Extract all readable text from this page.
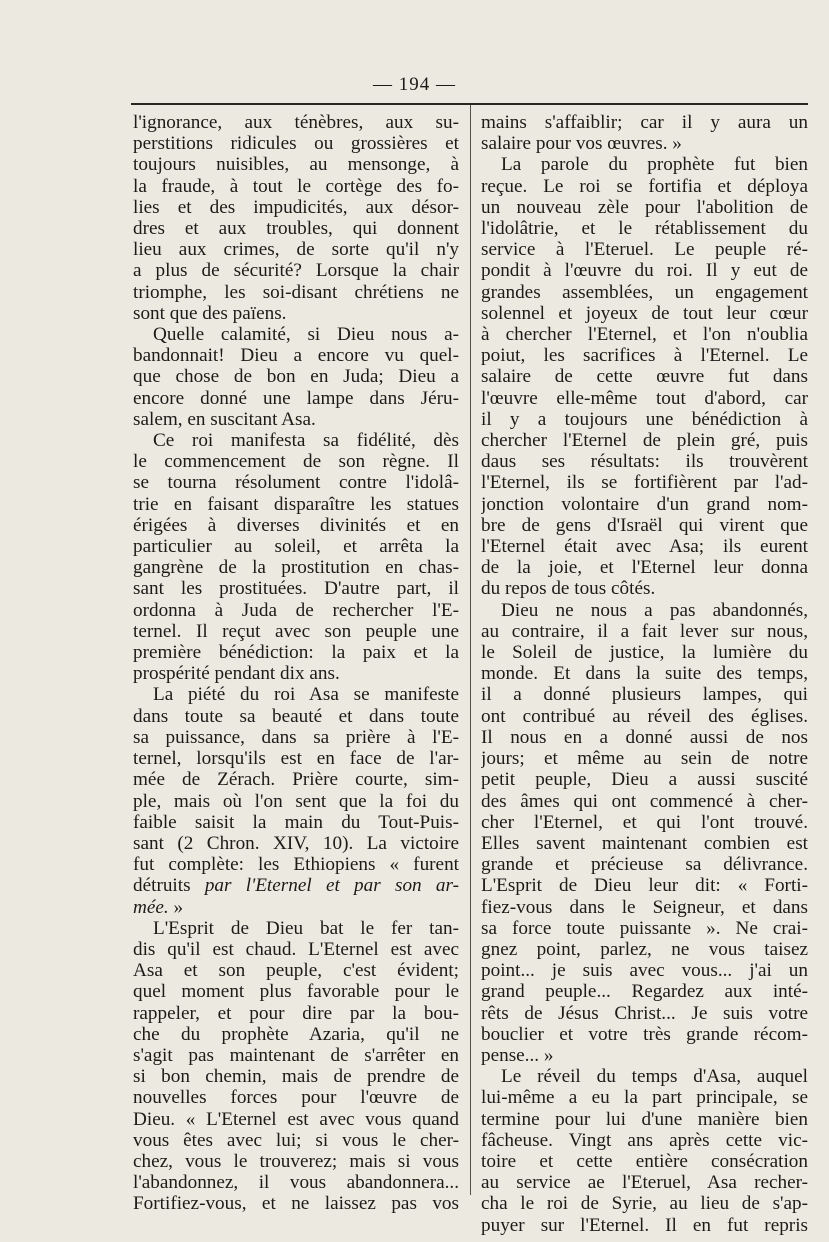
— 194 —
l'ignorance, aux ténèbres, aux su-
perstitions ridicules ou grossières et
toujours nuisibles, au mensonge, à
la fraude, à tout le cortège des fo-
lies et des impudicités, aux désor-
dres et aux troubles, qui donnent
lieu aux crimes, de sorte qu'il n'y
a plus de sécurité? Lorsque la chair
triomphe, les soi-disant chrétiens ne
sont que des païens.
Quelle calamité, si Dieu nous a-
bandonnait! Dieu a encore vu quel-
que chose de bon en Juda; Dieu a
encore donné une lampe dans Jéru-
salem, en suscitant Asa.
Ce roi manifesta sa fidélité, dès
le commencement de son règne. Il
se tourna résolument contre l'idolâ-
trie en faisant disparaître les statues
érigées à diverses divinités et en
particulier au soleil, et arrêta la
gangrène de la prostitution en chas-
sant les prostituées. D'autre part, il
ordonna à Juda de rechercher l'E-
ternel. Il reçut avec son peuple une
première bénédiction: la paix et la
prospérité pendant dix ans.
La piété du roi Asa se manifeste
dans toute sa beauté et dans toute
sa puissance, dans sa prière à l'E-
ternel, lorsqu'ils est en face de l'ar-
mée de Zérach. Prière courte, sim-
ple, mais où l'on sent que la foi du
faible saisit la main du Tout-Puis-
sant (2 Chron. XIV, 10). La victoire
fut complète: les Ethiopiens « furent
détruits par l'Eternel et par son ar-
mée. »
L'Esprit de Dieu bat le fer tan-
dis qu'il est chaud. L'Eternel est avec
Asa et son peuple, c'est évident;
quel moment plus favorable pour le
rappeler, et pour dire par la bou-
che du prophète Azaria, qu'il ne
s'agit pas maintenant de s'arrêter en
si bon chemin, mais de prendre de
nouvelles forces pour l'œuvre de
Dieu. « L'Eternel est avec vous quand
vous êtes avec lui; si vous le cher-
chez, vous le trouverez; mais si vous
l'abandonnez, il vous abandonnera...
Fortifiez-vous, et ne laissez pas vos
mains s'affaiblir; car il y aura un
salaire pour vos œuvres. »
La parole du prophète fut bien
reçue. Le roi se fortifia et déploya
un nouveau zèle pour l'abolition de
l'idolâtrie, et le rétablissement du
service à l'Eteruel. Le peuple ré-
pondit à l'œuvre du roi. Il y eut de
grandes assemblées, un engagement
solennel et joyeux de tout leur cœur
à chercher l'Eternel, et l'on n'oublia
poiut, les sacrifices à l'Eternel. Le
salaire de cette œuvre fut dans
l'œuvre elle-même tout d'abord, car
il y a toujours une bénédiction à
chercher l'Eternel de plein gré, puis
daus ses résultats: ils trouvèrent
l'Eternel, ils se fortifièrent par l'ad-
jonction volontaire d'un grand nom-
bre de gens d'Israël qui virent que
l'Eternel était avec Asa; ils eurent
de la joie, et l'Eternel leur donna
du repos de tous côtés.
Dieu ne nous a pas abandonnés,
au contraire, il a fait lever sur nous,
le Soleil de justice, la lumière du
monde. Et dans la suite des temps,
il a donné plusieurs lampes, qui
ont contribué au réveil des églises.
Il nous en a donné aussi de nos
jours; et même au sein de notre
petit peuple, Dieu a aussi suscité
des âmes qui ont commencé à cher-
cher l'Eternel, et qui l'ont trouvé.
Elles savent maintenant combien est
grande et précieuse sa délivrance.
L'Esprit de Dieu leur dit: « Forti-
fiez-vous dans le Seigneur, et dans
sa force toute puissante ». Ne crai-
gnez point, parlez, ne vous taisez
point... je suis avec vous... j'ai un
grand peuple... Regardez aux inté-
rêts de Jésus Christ... Je suis votre
bouclier et votre très grande récom-
pense... »
Le réveil du temps d'Asa, auquel
lui-même a eu la part principale, se
termine pour lui d'une manière bien
fâcheuse. Vingt ans après cette vic-
toire et cette entière consécration
au service ae l'Eteruel, Asa recher-
cha le roi de Syrie, au lieu de s'ap-
puyer sur l'Eternel. Il en fut repris
